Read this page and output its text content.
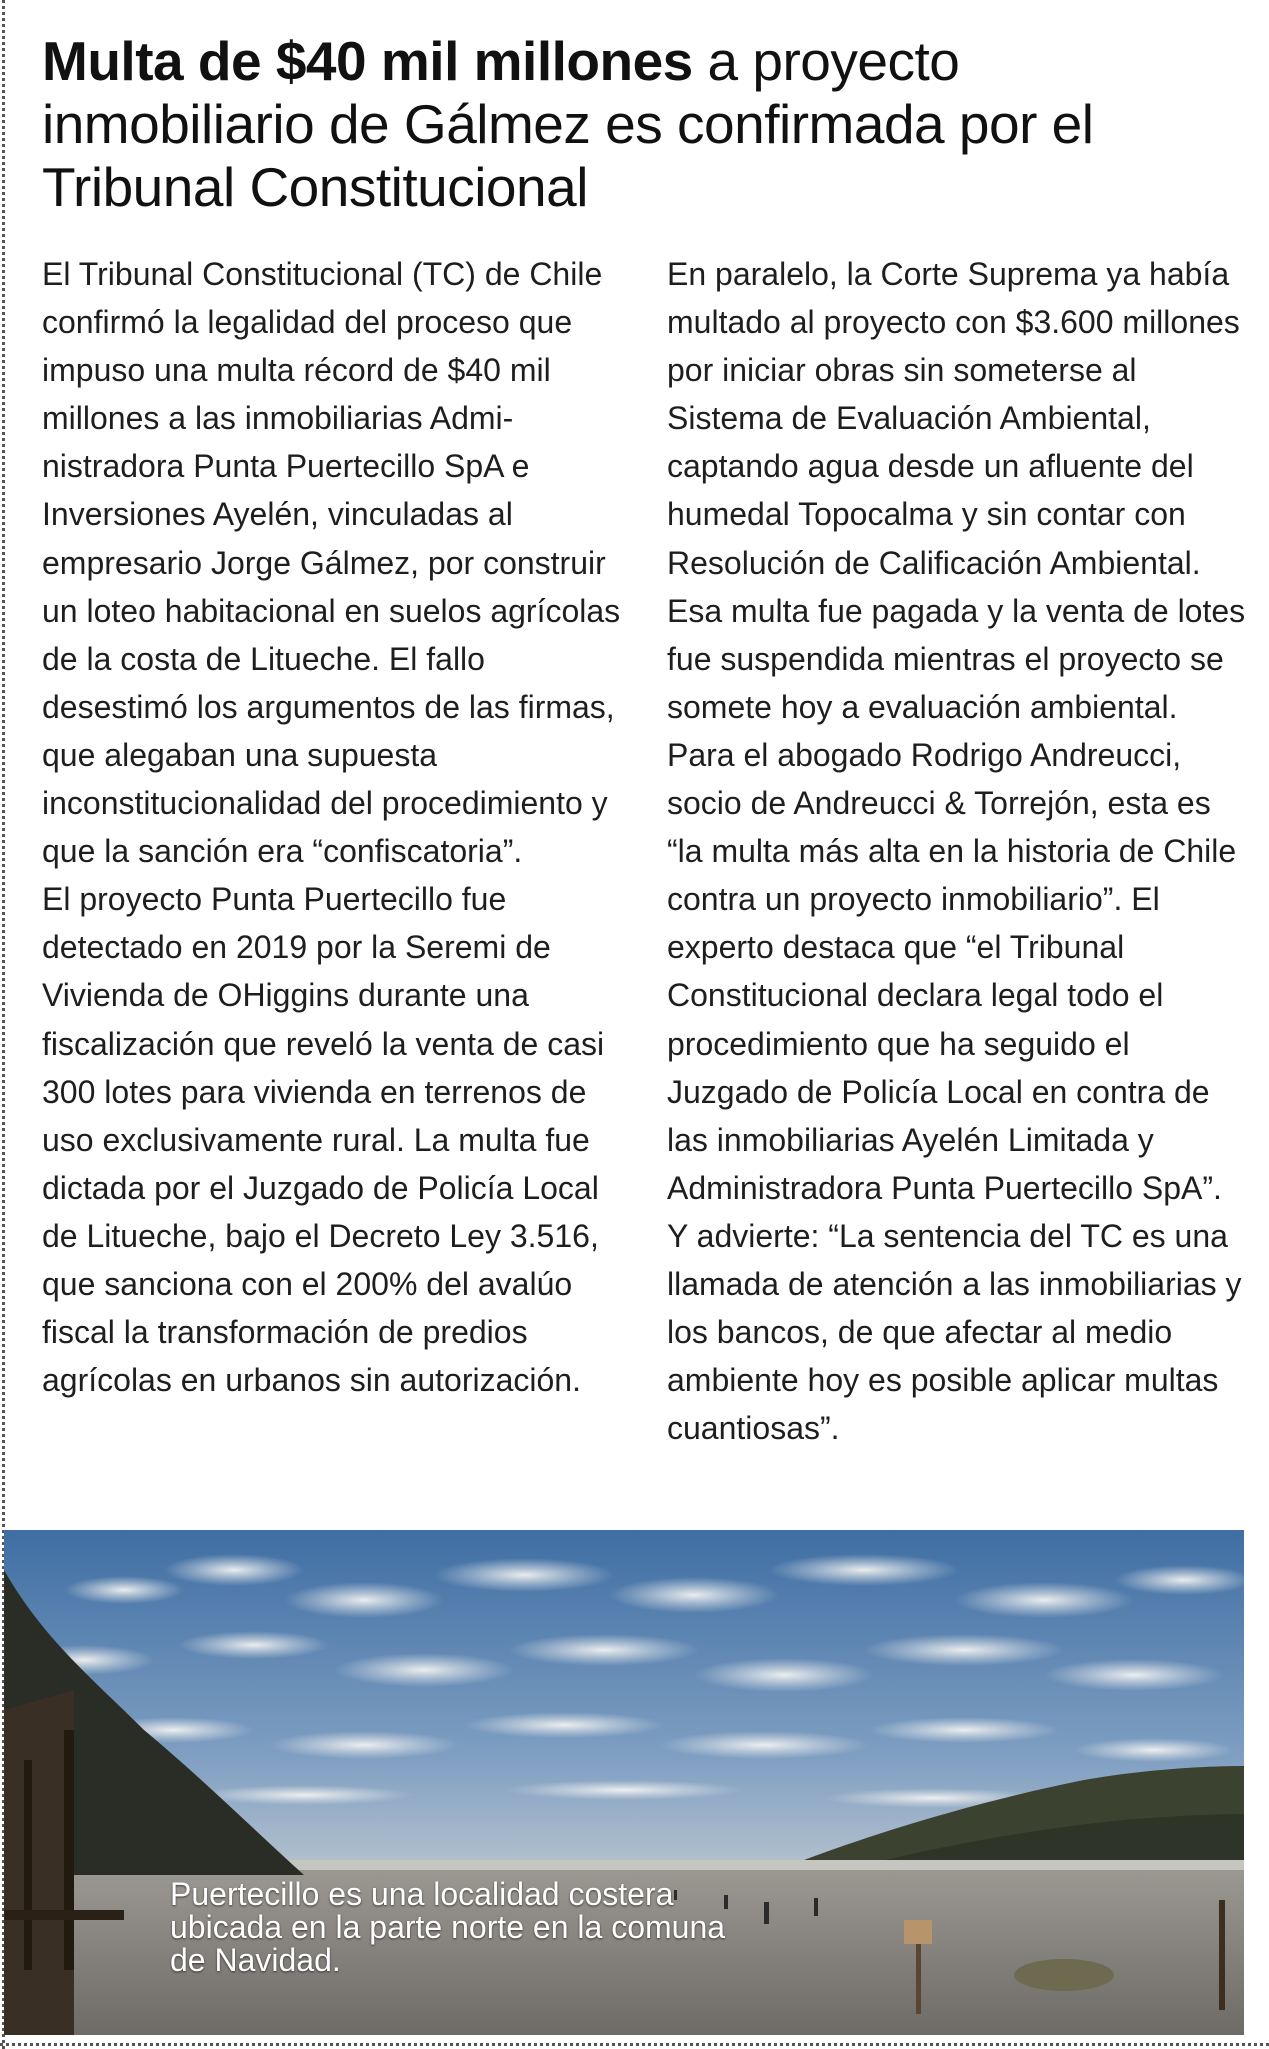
Multa de $40 mil millones a proyecto inmobiliario de Gálmez es confirmada por el Tribunal Constitucional

El Tribunal Constitucional (TC) de Chile confirmó la legalidad del proceso que impuso una multa récord de $40 mil millones a las inmobiliarias Administradora Punta Puertecillo SpA e Inversiones Ayelén, vinculadas al empresario Jorge Gálmez, por construir un loteo habitacional en suelos agrícolas de la costa de Litueche. El fallo desestimó los argumentos de las firmas, que alegaban una supuesta inconstitucionalidad del procedimiento y que la sanción era “confiscatoria”.

El proyecto Punta Puertecillo fue detectado en 2019 por la Seremi de Vivienda de OHiggins durante una fiscalización que reveló la venta de casi 300 lotes para vivienda en terrenos de uso exclusivamente rural. La multa fue dictada por el Juzgado de Policía Local de Litueche, bajo el Decreto Ley 3.516, que sanciona con el 200% del avalúo fiscal la transformación de predios agrícolas en urbanos sin autorización.

En paralelo, la Corte Suprema ya había multado al proyecto con $3.600 millones por iniciar obras sin someterse al Sistema de Evaluación Ambiental, captando agua desde un afluente del humedal Topocalma y sin contar con Resolución de Calificación Ambiental. Esa multa fue pagada y la venta de lotes fue suspendida mientras el proyecto se somete hoy a evaluación ambiental.

Para el abogado Rodrigo Andreucci, socio de Andreucci & Torrejón, esta es “la multa más alta en la historia de Chile contra un proyecto inmobiliario”. El experto destaca que “el Tribunal Constitucional declara legal todo el procedimiento que ha seguido el Juzgado de Policía Local en contra de las inmobiliarias Ayelén Limitada y Administradora Punta Puertecillo SpA”. Y advierte: “La sentencia del TC es una llamada de atención a las inmobiliarias y los bancos, de que afectar al medio ambiente hoy es posible aplicar multas cuantiosas”.

Puertecillo es una localidad costera ubicada en la parte norte en la comuna de Navidad.
